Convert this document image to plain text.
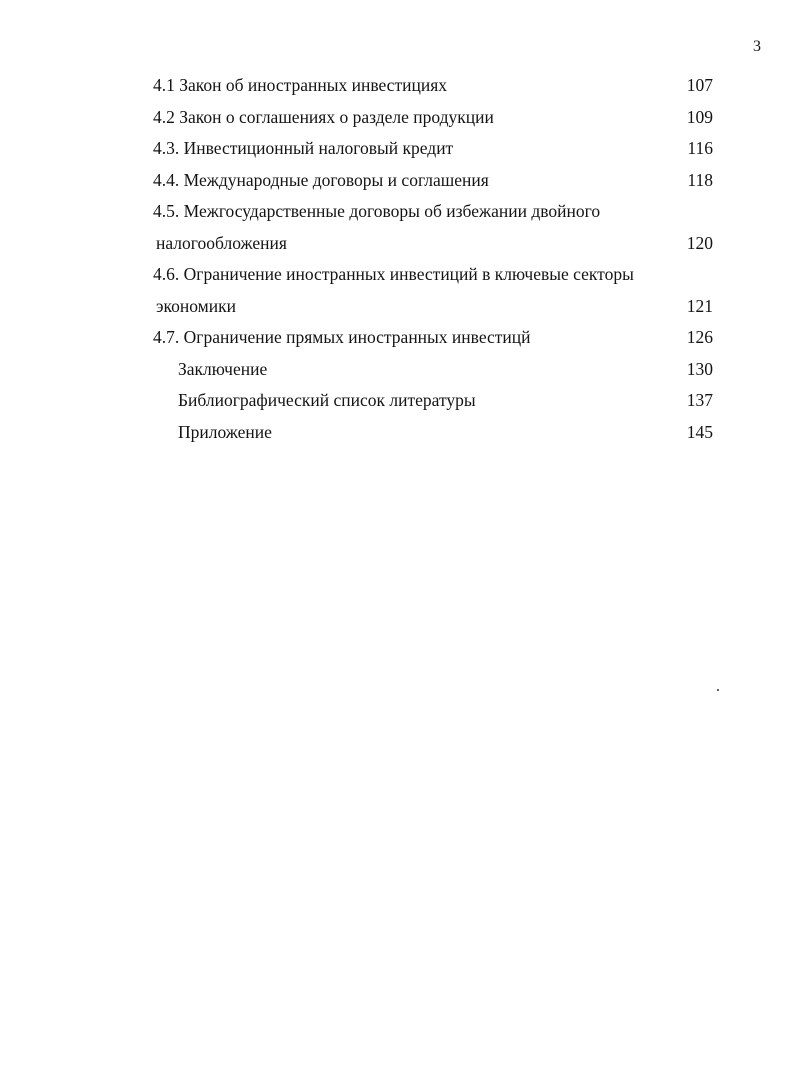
3
4.1 Закон об иностранных инвестициях	107
4.2 Закон о соглашениях о разделе продукции	109
4.3. Инвестиционный налоговый кредит	116
4.4. Международные договоры и соглашения	118
4.5. Межгосударственные договоры об избежании двойного
налогообложения	120
4.6. Ограничение иностранных инвестиций в ключевые секторы
экономики	121
4.7. Ограничение прямых иностранных инвестицй	126
Заключение	130
Библиографический список литературы	137
Приложение	145
